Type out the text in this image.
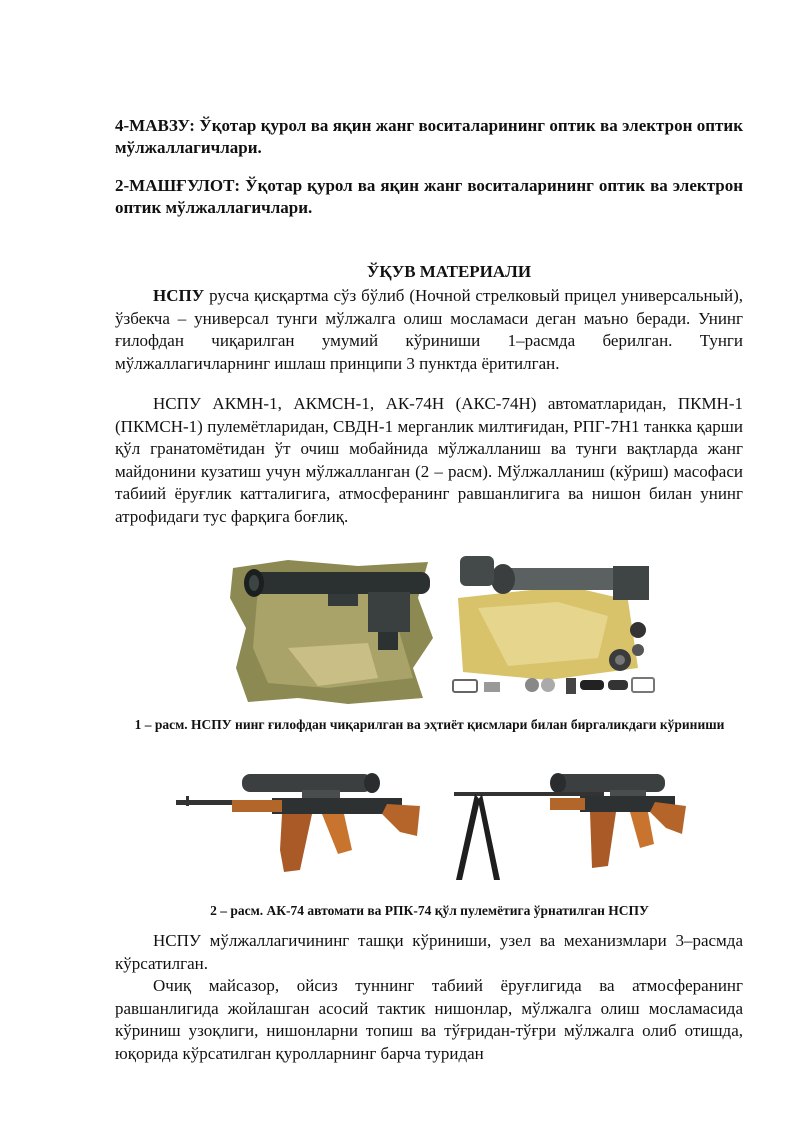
4-МАВЗУ: Ўқотар қурол ва яқин жанг воситаларининг оптик ва электрон оптик мўлжаллагичлари.
2-МАШҒУЛОТ: Ўқотар қурол ва яқин жанг воситаларининг оптик ва электрон оптик мўлжаллагичлари.
ЎҚУВ МАТЕРИАЛИ

НСПУ русча қисқартма сўз бўлиб (Ночной стрелковый прицел универсальный), ўзбекча – универсал тунги мўлжалга олиш мосламаси деган маъно беради. Унинг ғилофдан чиқарилган умумий кўриниши 1–расмда берилган. Тунги мўлжаллагичларнинг ишлаш принципи 3 пунктда ёритилган.

НСПУ АКМН-1, АКМСН-1, АК-74Н (АКС-74Н) автоматларидан, ПКМН-1 (ПКМСН-1) пулемётларидан, СВДН-1 мерганлик милтиғидан, РПГ-7Н1 танкка қарши қўл гранатомётидан ўт очиш мобайнида мўлжалланиш ва тунги вақтларда жанг майдонини кузатиш учун мўлжалланган (2 – расм). Мўлжалланиш (кўриш) масофаси табиий ёруғлик катталигига, атмосферанинг равшанлигига ва нишон билан унинг атрофидаги тус фарқига боғлиқ.

1 – расм. НСПУ нинг ғилофдан чиқарилган ва эҳтиёт қисмлари билан биргаликдаги кўриниши
2 – расм. АК-74 автомати ва РПК-74 қўл пулемётига ўрнатилган НСПУ

НСПУ мўлжаллагичининг ташқи кўриниши, узел ва механизмлари 3–расмда кўрсатилган.

Очиқ майсазор, ойсиз туннинг табиий ёруғлигида ва атмосферанинг равшанлигида жойлашган асосий тактик нишонлар, мўлжалга олиш мосламасида кўриниш узоқлиги, нишонларни топиш ва тўғридан-тўғри мўлжалга олиб отишда, юқорида кўрсатилган қуролларнинг барча туридан
